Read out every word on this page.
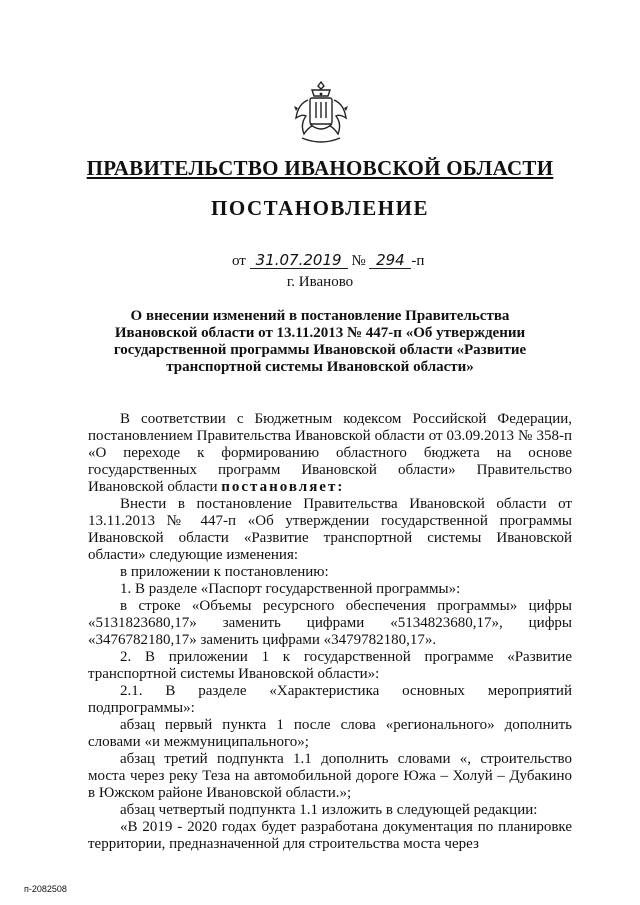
ПРАВИТЕЛЬСТВО ИВАНОВСКОЙ ОБЛАСТИ
ПОСТАНОВЛЕНИЕ
от 31.07.2019 № 294 -п
г. Иваново
О внесении изменений в постановление Правительства Ивановской области от 13.11.2013 № 447-п «Об утверждении государственной программы Ивановской области «Развитие транспортной системы Ивановской области»

В соответствии с Бюджетным кодексом Российской Федерации, постановлением Правительства Ивановской области от 03.09.2013 № 358-п «О переходе к формированию областного бюджета на основе государственных программ Ивановской области» Правительство Ивановской области постановляет:

Внести в постановление Правительства Ивановской области от 13.11.2013 № 447-п «Об утверждении государственной программы Ивановской области «Развитие транспортной системы Ивановской области» следующие изменения:

в приложении к постановлению:

1. В разделе «Паспорт государственной программы»:

в строке «Объемы ресурсного обеспечения программы» цифры «5131823680,17» заменить цифрами «5134823680,17», цифры «3476782180,17» заменить цифрами «3479782180,17».

2. В приложении 1 к государственной программе «Развитие транспортной системы Ивановской области»:

2.1. В разделе «Характеристика основных мероприятий подпрограммы»:

абзац первый пункта 1 после слова «регионального» дополнить словами «и межмуниципального»;

абзац третий подпункта 1.1 дополнить словами «, строительство моста через реку Теза на автомобильной дороге Южа – Холуй – Дубакино в Южском районе Ивановской области.»;

абзац четвертый подпункта 1.1 изложить в следующей редакции:

«В 2019 - 2020 годах будет разработана документация по планировке территории, предназначенной для строительства моста через

п-2082508
